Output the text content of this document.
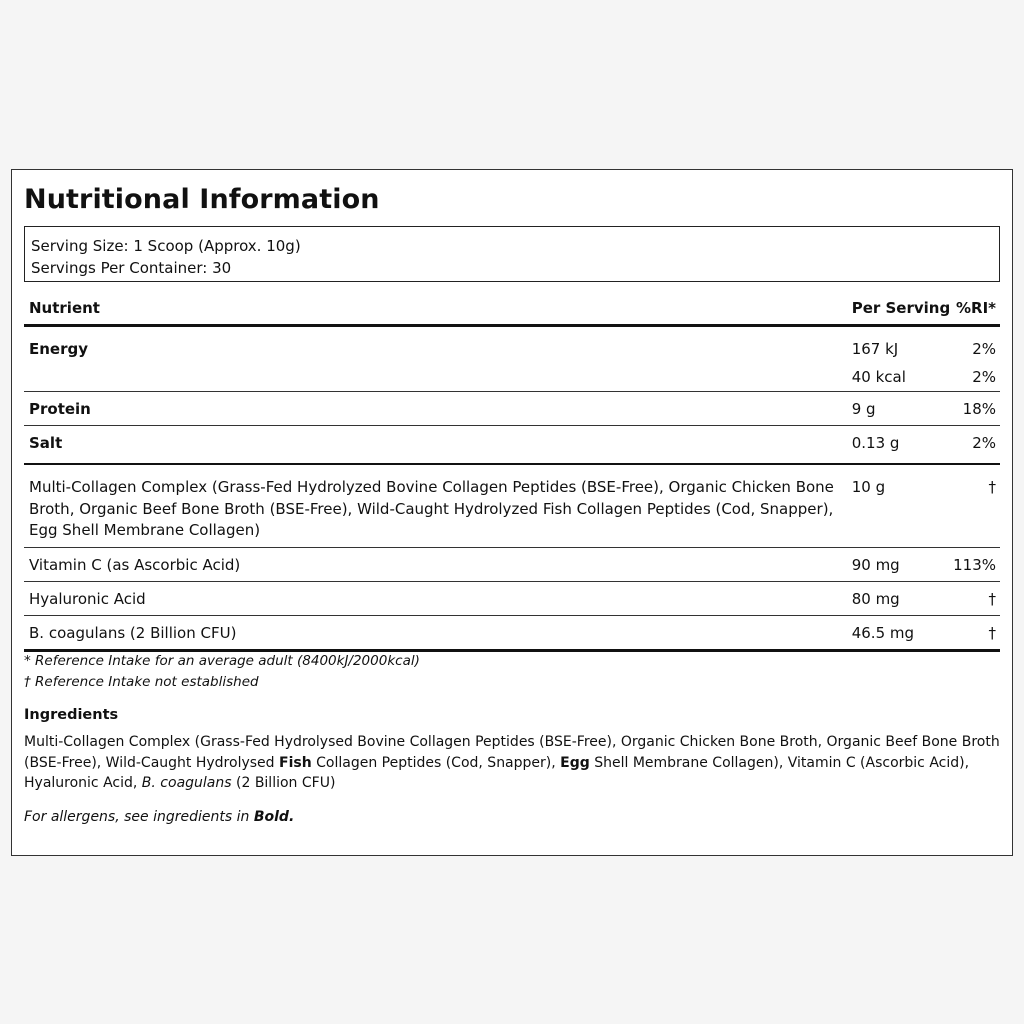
Nutritional Information
Serving Size: 1 Scoop (Approx. 10g)
Servings Per Container: 30
Nutrient	Per Serving	%RI*
Energy	167 kJ	2%
	40 kcal	2%
Protein	9 g	18%
Salt	0.13 g	2%
Multi-Collagen Complex (Grass-Fed Hydrolyzed Bovine Collagen Peptides (BSE-Free), Organic Chicken Bone Broth, Organic Beef Bone Broth (BSE-Free), Wild-Caught Hydrolyzed Fish Collagen Peptides (Cod, Snapper), Egg Shell Membrane Collagen)	10 g	†
Vitamin C (as Ascorbic Acid)	90 mg	113%
Hyaluronic Acid	80 mg	†
B. coagulans (2 Billion CFU)	46.5 mg	†
* Reference Intake for an average adult (8400kJ/2000kcal)
† Reference Intake not established
Ingredients
Multi-Collagen Complex (Grass-Fed Hydrolysed Bovine Collagen Peptides (BSE-Free), Organic Chicken Bone Broth, Organic Beef Bone Broth (BSE-Free), Wild-Caught Hydrolysed Fish Collagen Peptides (Cod, Snapper), Egg Shell Membrane Collagen), Vitamin C (Ascorbic Acid), Hyaluronic Acid, B. coagulans (2 Billion CFU)
For allergens, see ingredients in Bold.
